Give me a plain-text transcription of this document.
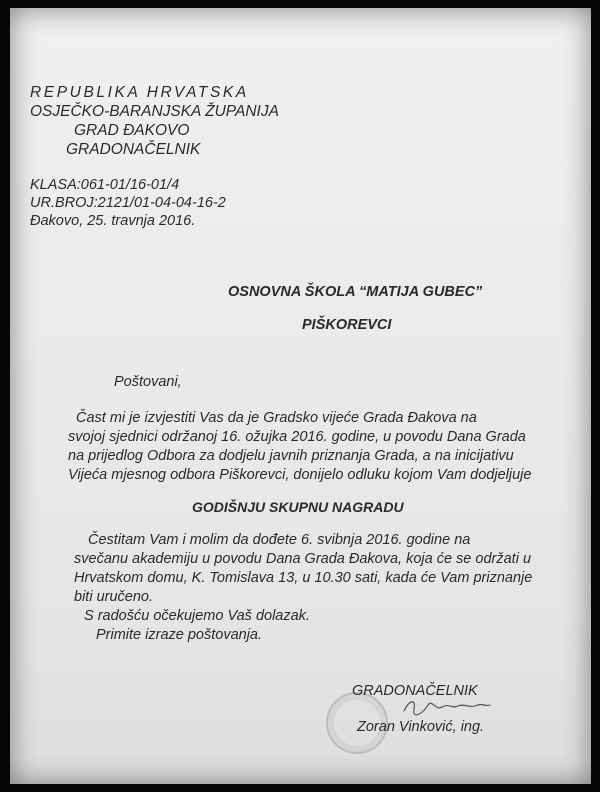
REPUBLIKA HRVATSKA

OSJEČKO-BARANJSKA ŽUPANIJA

GRAD ĐAKOVO

GRADONAČELNIK

KLASA:061-01/16-01/4

UR.BROJ:2121/01-04-04-16-2

Đakovo, 25. travnja 2016.

OSNOVNA ŠKOLA “MATIJA GUBEC”

PIŠKOREVCI

Poštovani,

Čast mi je izvjestiti Vas da je Gradsko vijeće Grada Đakova na

svojoj sjednici održanoj 16. ožujka 2016. godine, u povodu Dana Grada

na prijedlog Odbora za dodjelu javnih priznanja Grada, a na inicijativu

Vijeća mjesnog odbora Piškorevci, donijelo odluku kojom Vam dodjeljuje

GODIŠNJU SKUPNU NAGRADU

Čestitam Vam i molim da dođete 6. svibnja 2016. godine na

svečanu akademiju u povodu Dana Grada Đakova, koja će se održati u

Hrvatskom domu, K. Tomislava 13, u 10.30 sati, kada će Vam priznanje

biti uručeno.

S radošću očekujemo Vaš dolazak.

Primite izraze poštovanja.

GRADONAČELNIK

Zoran Vinković, ing.
